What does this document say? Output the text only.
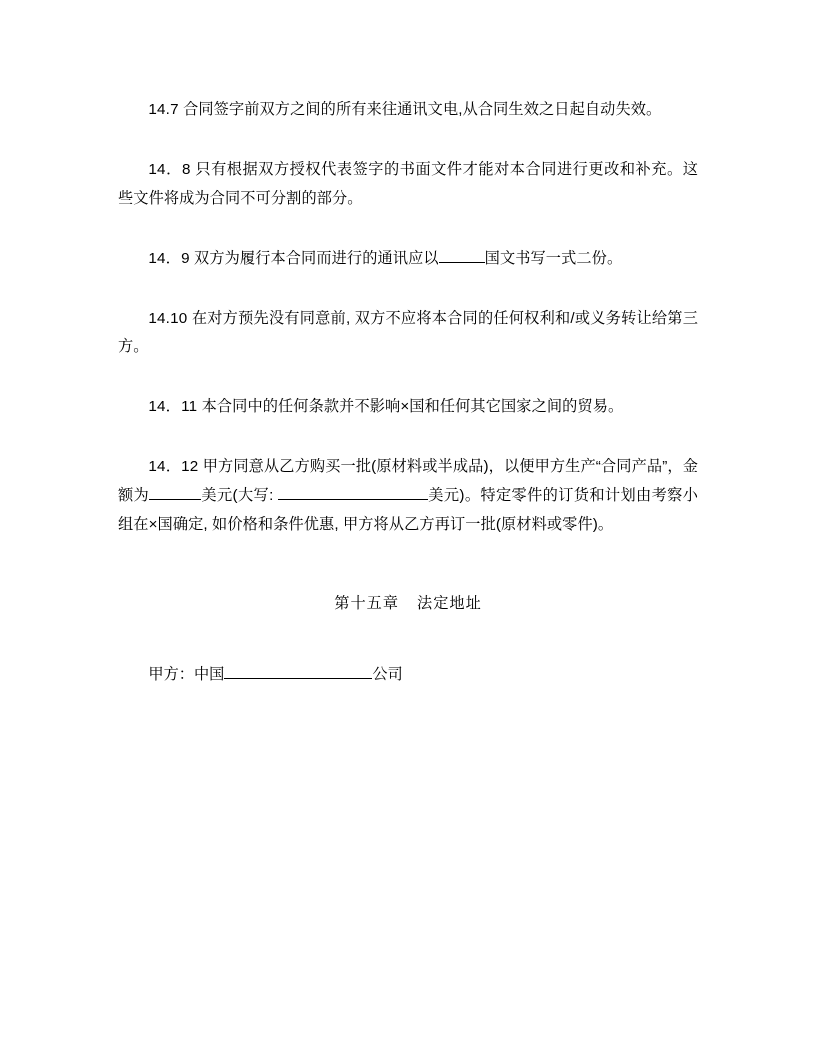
14.7 合同签字前双方之间的所有来往通讯文电,从合同生效之日起自动失效。

14．8 只有根据双方授权代表签字的书面文件才能对本合同进行更改和补充。这些文件将成为合同不可分割的部分。

14．9 双方为履行本合同而进行的通讯应以	国文书写一式二份。

14.10 在对方预先没有同意前, 双方不应将本合同的任何权利和/或义务转让给第三方。

14．11 本合同中的任何条款并不影响×国和任何其它国家之间的贸易。

14．12 甲方同意从乙方购买一批(原材料或半成品)，以便甲方生产“合同产品”，金额为	美元(大写:	美元)。特定零件的订货和计划由考察小组在×国确定, 如价格和条件优惠, 甲方将从乙方再订一批(原材料或零件)。

第十五章 法定地址

甲方：中国	公司
